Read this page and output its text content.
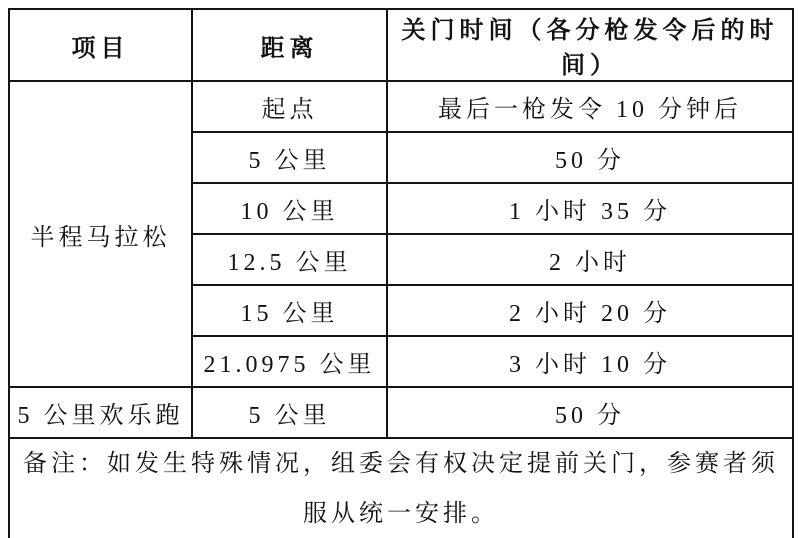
项目	距离	关门时间（各分枪发令后的时间）
半程马拉松	起点	最后一枪发令 10 分钟后
	5 公里	50 分
	10 公里	1 小时 35 分
	12.5 公里	2 小时
	15 公里	2 小时 20 分
	21.0975 公里	3 小时 10 分
5 公里欢乐跑	5 公里	50 分
备注：如发生特殊情况，组委会有权决定提前关门，参赛者须服从统一安排。		
